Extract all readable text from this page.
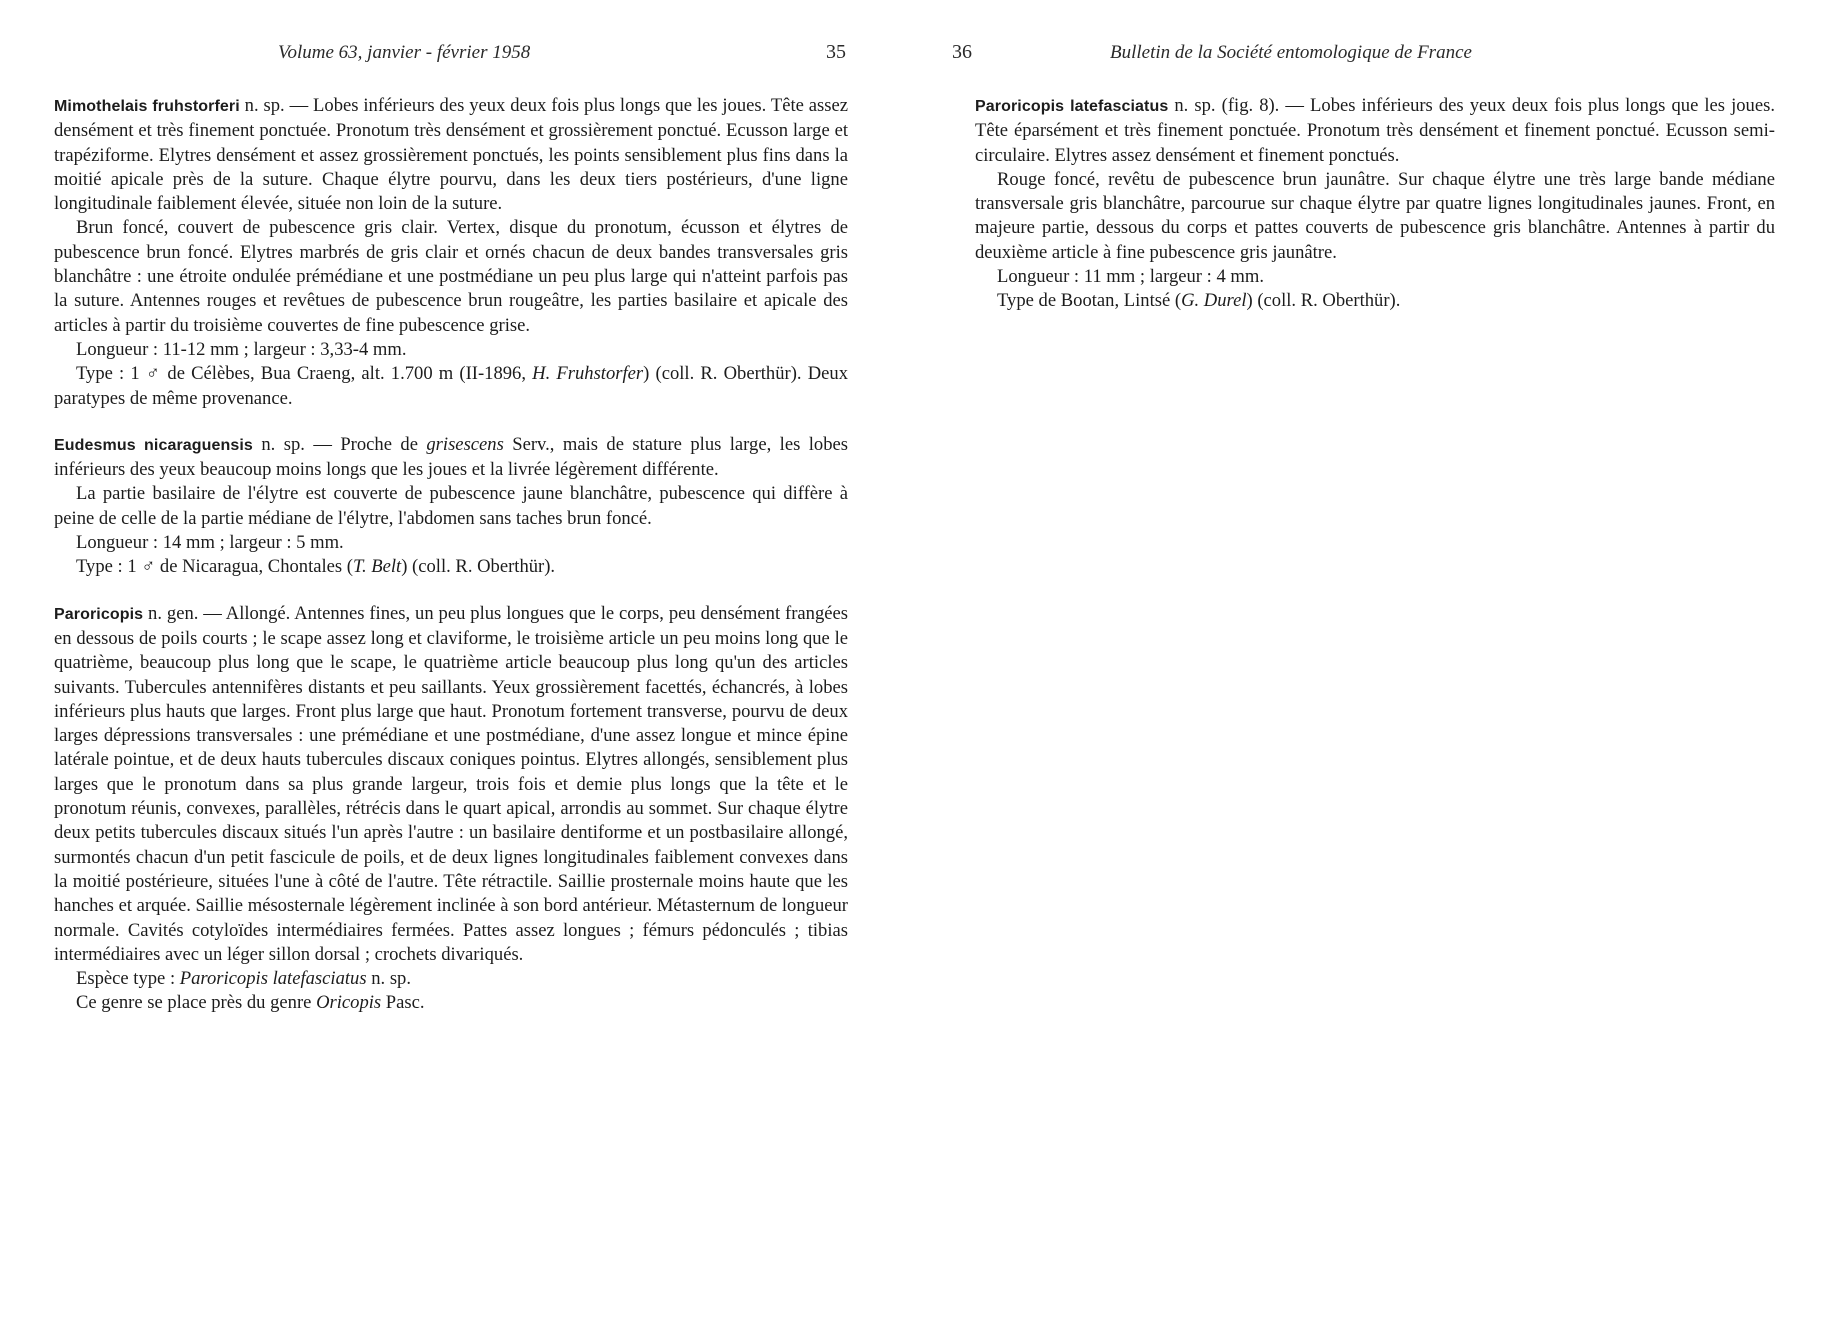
Volume 63, janvier - février 1958	35

Mimothelais fruhstorferi n. sp. — Lobes inférieurs des yeux deux fois plus longs que les joues. Tête assez densément et très finement ponctuée. Pronotum très densément et grossièrement ponctué. Ecusson large et trapéziforme. Elytres densément et assez grossièrement ponctués, les points sensiblement plus fins dans la moitié apicale près de la suture. Chaque élytre pourvu, dans les deux tiers postérieurs, d'une ligne longitudinale faiblement élevée, située non loin de la suture.

Brun foncé, couvert de pubescence gris clair. Vertex, disque du pronotum, écusson et élytres de pubescence brun foncé. Elytres marbrés de gris clair et ornés chacun de deux bandes transversales gris blanchâtre : une étroite ondulée prémédiane et une postmédiane un peu plus large qui n'atteint parfois pas la suture. Antennes rouges et revêtues de pubescence brun rougeâtre, les parties basilaire et apicale des articles à partir du troisième couvertes de fine pubescence grise.

Longueur : 11-12 mm ; largeur : 3,33-4 mm.

Type : 1 ♂ de Célèbes, Bua Craeng, alt. 1.700 m (II-1896, H. Fruhstorfer) (coll. R. Oberthür). Deux paratypes de même provenance.

Eudesmus nicaraguensis n. sp. — Proche de grisescens Serv., mais de stature plus large, les lobes inférieurs des yeux beaucoup moins longs que les joues et la livrée légèrement différente.

La partie basilaire de l'élytre est couverte de pubescence jaune blanchâtre, pubescence qui diffère à peine de celle de la partie médiane de l'élytre, l'abdomen sans taches brun foncé.

Longueur : 14 mm ; largeur : 5 mm.

Type : 1 ♂ de Nicaragua, Chontales (T. Belt) (coll. R. Oberthür).

Paroricopis n. gen. — Allongé. Antennes fines, un peu plus longues que le corps, peu densément frangées en dessous de poils courts ; le scape assez long et claviforme, le troisième article un peu moins long que le quatrième, beaucoup plus long que le scape, le quatrième article beaucoup plus long qu'un des articles suivants. Tubercules antennifères distants et peu saillants. Yeux grossièrement facettés, échancrés, à lobes inférieurs plus hauts que larges. Front plus large que haut. Pronotum fortement transverse, pourvu de deux larges dépressions transversales : une prémédiane et une postmédiane, d'une assez longue et mince épine latérale pointue, et de deux hauts tubercules discaux coniques pointus. Elytres allongés, sensiblement plus larges que le pronotum dans sa plus grande largeur, trois fois et demie plus longs que la tête et le pronotum réunis, convexes, parallèles, rétrécis dans le quart apical, arrondis au sommet. Sur chaque élytre deux petits tubercules discaux situés l'un après l'autre : un basilaire dentiforme et un postbasilaire allongé, surmontés chacun d'un petit fascicule de poils, et de deux lignes longitudinales faiblement convexes dans la moitié postérieure, situées l'une à côté de l'autre. Tête rétractile. Saillie prosternale moins haute que les hanches et arquée. Saillie mésosternale légèrement inclinée à son bord antérieur. Métasternum de longueur normale. Cavités cotyloïdes intermédiaires fermées. Pattes assez longues ; fémurs pédonculés ; tibias intermédiaires avec un léger sillon dorsal ; crochets divariqués.

Espèce type : Paroricopis latefasciatus n. sp.

Ce genre se place près du genre Oricopis Pasc.

36	Bulletin de la Société entomologique de France

Paroricopis latefasciatus n. sp. (fig. 8). — Lobes inférieurs des yeux deux fois plus longs que les joues. Tête éparsément et très finement ponctuée. Pronotum très densément et finement ponctué. Ecusson semi-circulaire. Elytres assez densément et finement ponctués.

Rouge foncé, revêtu de pubescence brun jaunâtre. Sur chaque élytre une très large bande médiane transversale gris blanchâtre, parcourue sur chaque élytre par quatre lignes longitudinales jaunes. Front, en majeure partie, dessous du corps et pattes couverts de pubescence gris blanchâtre. Antennes à partir du deuxième article à fine pubescence gris jaunâtre.

Longueur : 11 mm ; largeur : 4 mm.

Type de Bootan, Lintsé (G. Durel) (coll. R. Oberthür).
